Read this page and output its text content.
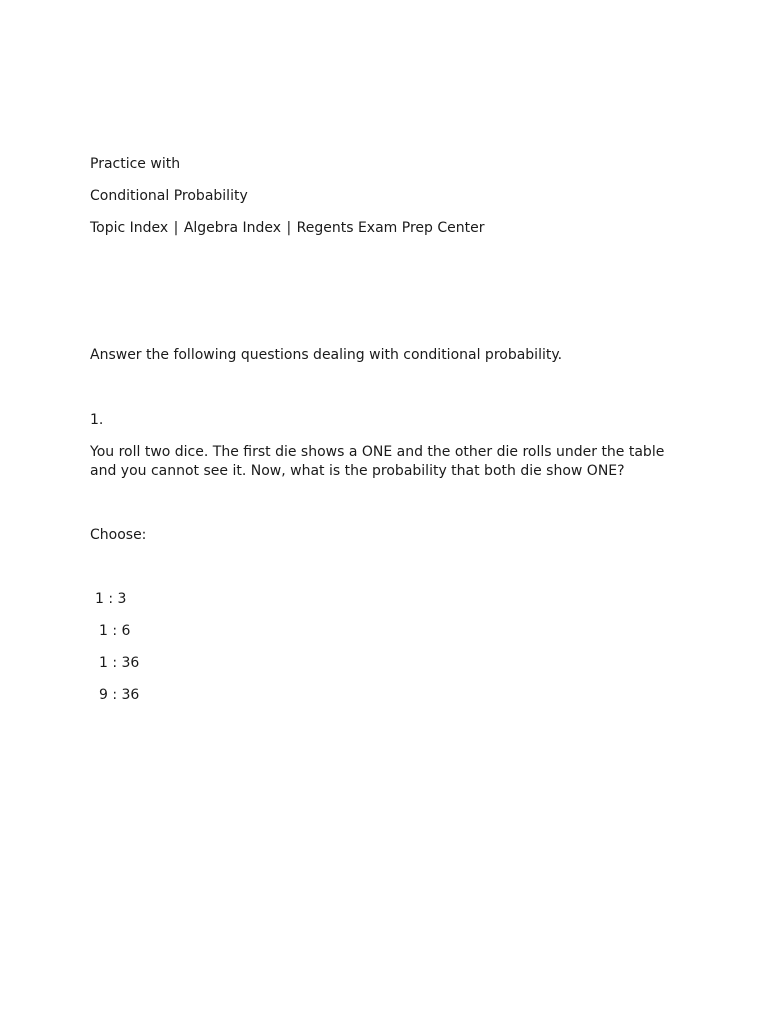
Practice with

Conditional Probability

Topic Index | Algebra Index | Regents Exam Prep Center

Answer the following questions dealing with conditional probability.

1.

You roll two dice. The first die shows a ONE and the other die rolls under the table and you cannot see it. Now, what is the probability that both die show ONE?

Choose:

1 : 3

1 : 6

1 : 36

9 : 36
